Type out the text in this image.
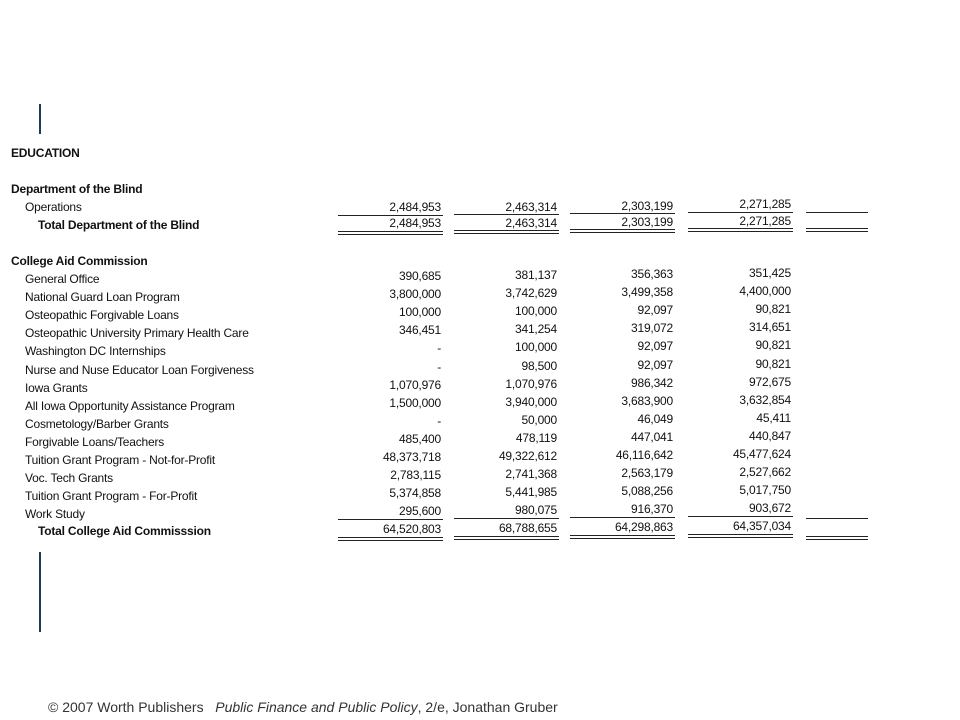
EDUCATION
Department of the Blind
Operations	2,484,953	2,463,314	2,303,199	2,271,285
Total Department of the Blind	2,484,953	2,463,314	2,303,199	2,271,285
College Aid Commission
General Office	390,685	381,137	356,363	351,425
National Guard Loan Program	3,800,000	3,742,629	3,499,358	4,400,000
Osteopathic Forgivable Loans	100,000	100,000	92,097	90,821
Osteopathic University Primary Health Care	346,451	341,254	319,072	314,651
Washington DC Internships	-	100,000	92,097	90,821
Nurse and Nuse Educator Loan Forgiveness	-	98,500	92,097	90,821
Iowa Grants	1,070,976	1,070,976	986,342	972,675
All Iowa Opportunity Assistance Program	1,500,000	3,940,000	3,683,900	3,632,854
Cosmetology/Barber Grants	-	50,000	46,049	45,411
Forgivable Loans/Teachers	485,400	478,119	447,041	440,847
Tuition Grant Program - Not-for-Profit	48,373,718	49,322,612	46,116,642	45,477,624
Voc. Tech Grants	2,783,115	2,741,368	2,563,179	2,527,662
Tuition Grant Program - For-Profit	5,374,858	5,441,985	5,088,256	5,017,750
Work Study	295,600	980,075	916,370	903,672
Total College Aid Commisssion	64,520,803	68,788,655	64,298,863	64,357,034
© 2007 Worth Publishers Public Finance and Public Policy, 2/e, Jonathan Gruber
